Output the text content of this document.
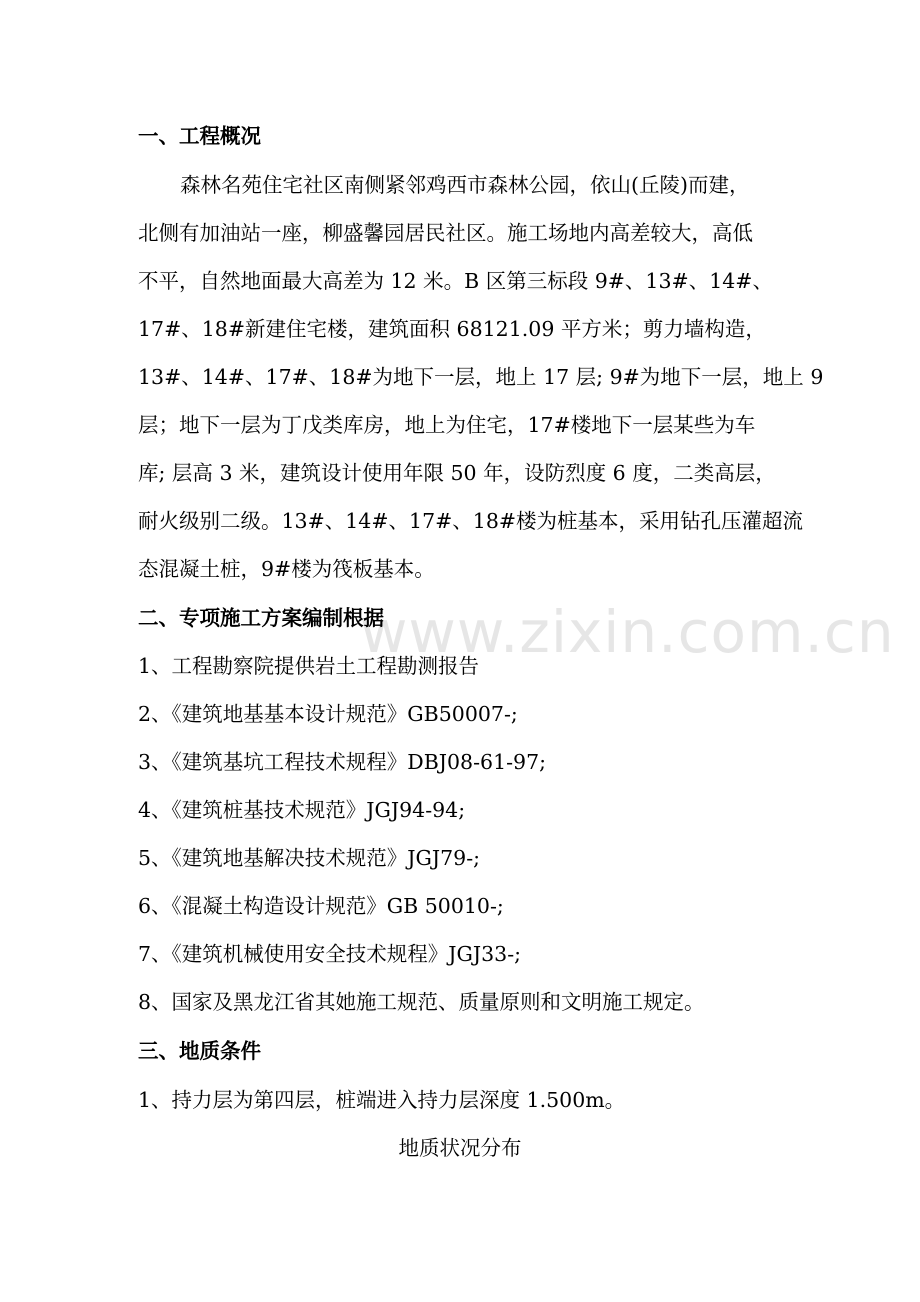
www.zixin.com.cn
一、工程概况
森林名苑住宅社区南侧紧邻鸡西市森林公园，依山(丘陵)而建，
北侧有加油站一座，柳盛馨园居民社区。施工场地内高差较大，高低
不平，自然地面最大高差为 12 米。B 区第三标段 9#、13#、14#、
17#、18#新建住宅楼，建筑面积 68121.09 平方米；剪力墙构造，
13#、14#、17#、18#为地下一层，地上 17 层; 9#为地下一层，地上 9
层；地下一层为丁戊类库房，地上为住宅，17#楼地下一层某些为车
库; 层高 3 米，建筑设计使用年限 50 年，设防烈度 6 度，二类高层，
耐火级别二级。13#、14#、17#、18#楼为桩基本，采用钻孔压灌超流
态混凝土桩，9#楼为筏板基本。
二、专项施工方案编制根据
1、工程勘察院提供岩土工程勘测报告
2、《建筑地基基本设计规范》GB50007-;
3、《建筑基坑工程技术规程》DBJ08-61-97;
4、《建筑桩基技术规范》JGJ94-94;
5、《建筑地基解决技术规范》JGJ79-;
6、《混凝土构造设计规范》GB 50010-;
7、《建筑机械使用安全技术规程》JGJ33-;
8、国家及黑龙江省其她施工规范、质量原则和文明施工规定。
三、地质条件
1、持力层为第四层，桩端进入持力层深度 1.500m。
地质状况分布
